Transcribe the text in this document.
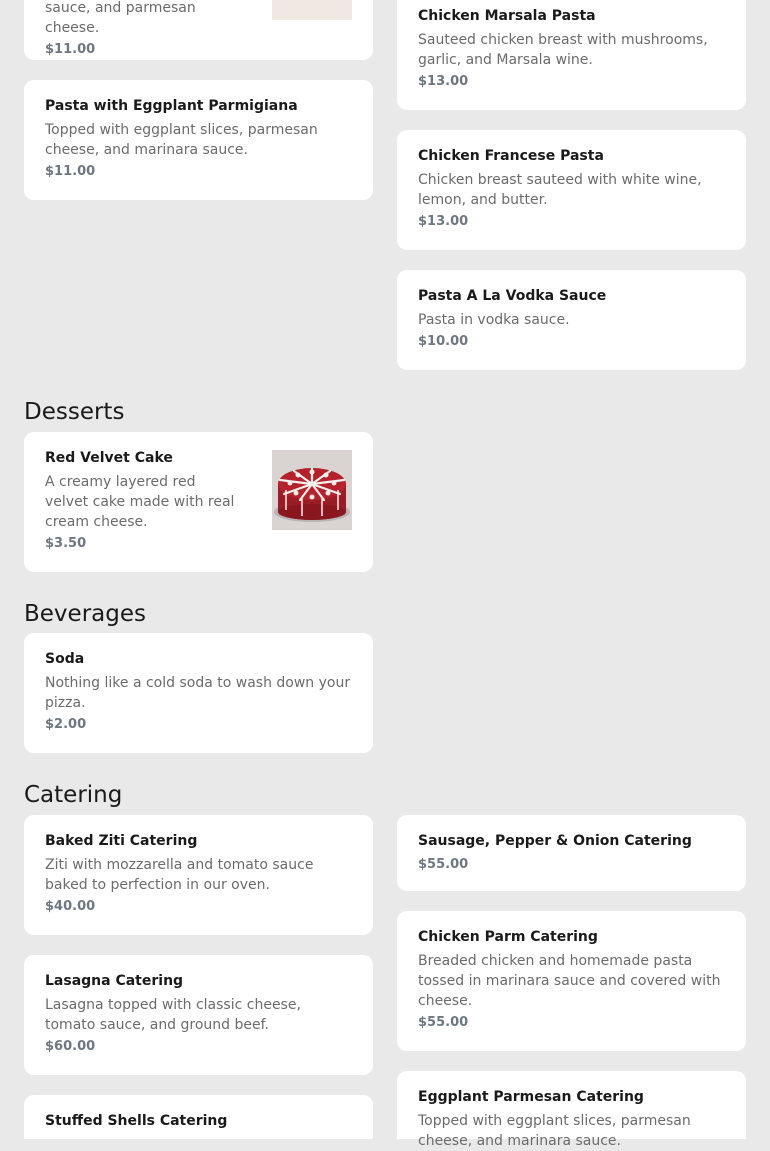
sauce, and parmesan cheese.
$11.00
Pasta with Eggplant Parmigiana
Topped with eggplant slices, parmesan cheese, and marinara sauce.
$11.00
Chicken Marsala Pasta
Sauteed chicken breast with mushrooms, garlic, and Marsala wine.
$13.00
Chicken Francese Pasta
Chicken breast sauteed with white wine, lemon, and butter.
$13.00
Pasta A La Vodka Sauce
Pasta in vodka sauce.
$10.00
Desserts
Red Velvet Cake
A creamy layered red velvet cake made with real cream cheese.
$3.50
Beverages
Soda
Nothing like a cold soda to wash down your pizza.
$2.00
Catering
Baked Ziti Catering
Ziti with mozzarella and tomato sauce baked to perfection in our oven.
$40.00
Sausage, Pepper & Onion Catering
$55.00
Lasagna Catering
Lasagna topped with classic cheese, tomato sauce, and ground beef.
$60.00
Chicken Parm Catering
Breaded chicken and homemade pasta tossed in marinara sauce and covered with cheese.
$55.00
Stuffed Shells Catering
Eggplant Parmesan Catering
Topped with eggplant slices, parmesan cheese, and marinara sauce.
